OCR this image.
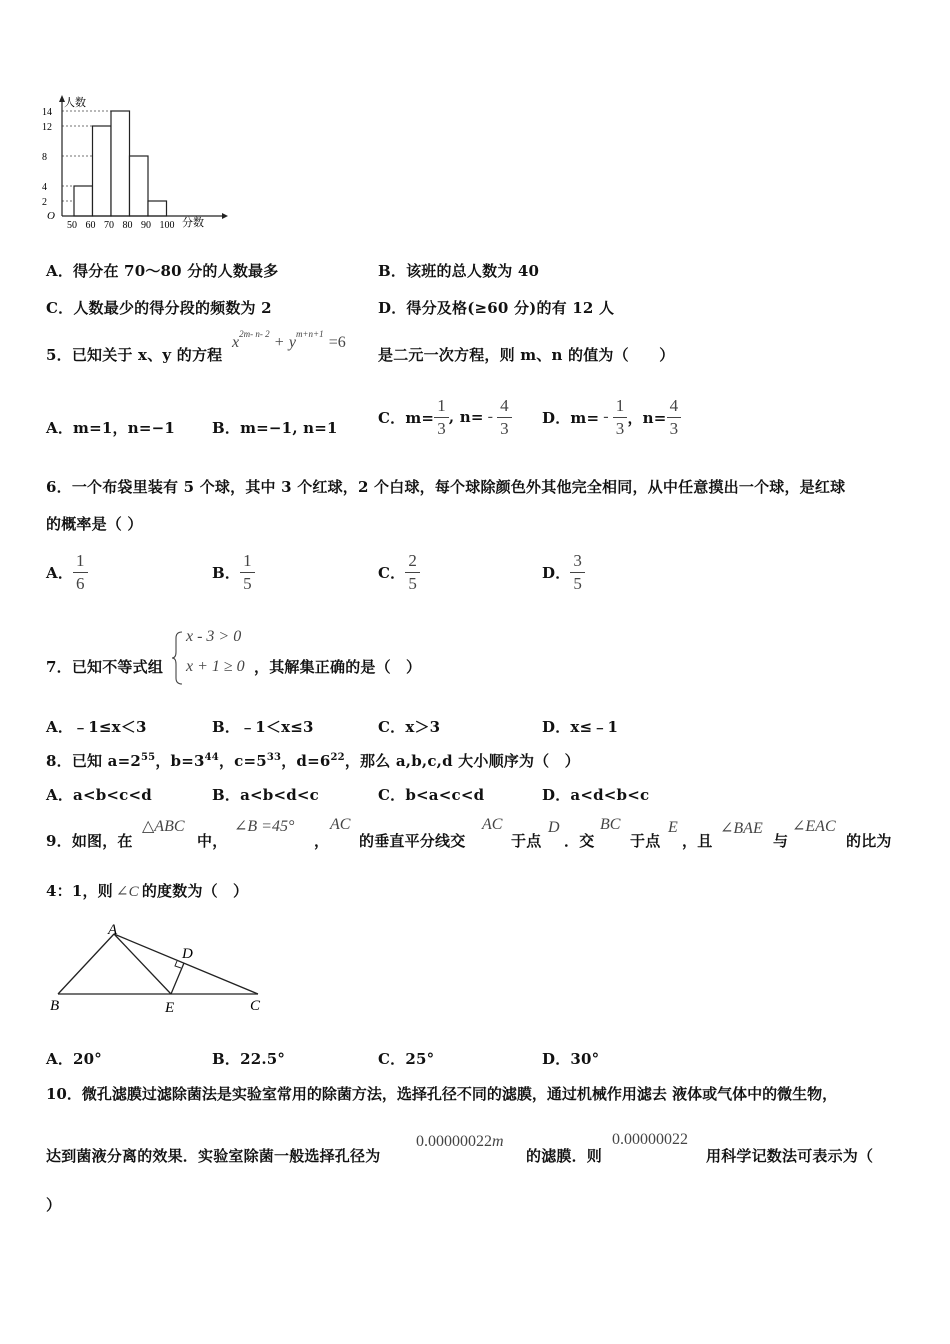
人数
分数
O
2
4
8
12
14
50 60 70 80 90 100
A．得分在 70～80 分的人数最多	B．该班的总人数为 40
C．人数最少的得分段的频数为 2	D．得分及格(≥60 分)的有 12 人
5．已知关于 x、y 的方程
$x^{2m- n- 2} + y^{m+n+1} =6$
是二元一次方程，则 m、n 的值为（　　）
A．m=1，n=−1 B．m=−1, n=1
C．$m= \frac{1}{3}$ , $n= - \frac{4}{3}$ D．$m= - \frac{1}{3}$ ，$n= \frac{4}{3}$
6．一个布袋里装有 5 个球，其中 3 个红球，2 个白球，每个球除颜色外其他完全相同，从中任意摸出一个球，是红球
的概率是（ ）
A． $\frac{1}{6}$	B． $\frac{1}{5}$	C． $\frac{2}{5}$	D． $\frac{3}{5}$
7．已知不等式组
x - 3 > 0
x + 1 ≥ 0 ，其解集正确的是（　）
A．﹣1≤x＜3	B．﹣1＜x≤3	C．x＞3	D．x≤﹣1
8．已知 $a=2^{55}$，$b=3^{44}$，$c=5^{33}$，$d=6^{22}$，那么 a,b,c,d 大小顺序为（　）
A．a<b<c<d	B．a<b<d<c	C．b<a<c<d	D．a<d<b<c
9．如图，在
△ABC
中，
∠B =45°
，
AC
的垂直平分线交
AC
于点
D
．交
BC
于点
E
，且
∠BAE
与
∠EAC
的比为
4：1，则 ∠C 的度数为（　）
A
B	C
D
E
A．20°	B．22.5°	C．25°	D．30°
10．微孔滤膜过滤除菌法是实验室常用的除菌方法，选择孔径不同的滤膜，通过机械作用滤去 液体或气体中的微生物，
达到菌液分离的效果．实验室除菌一般选择孔径为
0.00000022m
的滤膜．则
0.00000022
用科学记数法可表示为（
）
